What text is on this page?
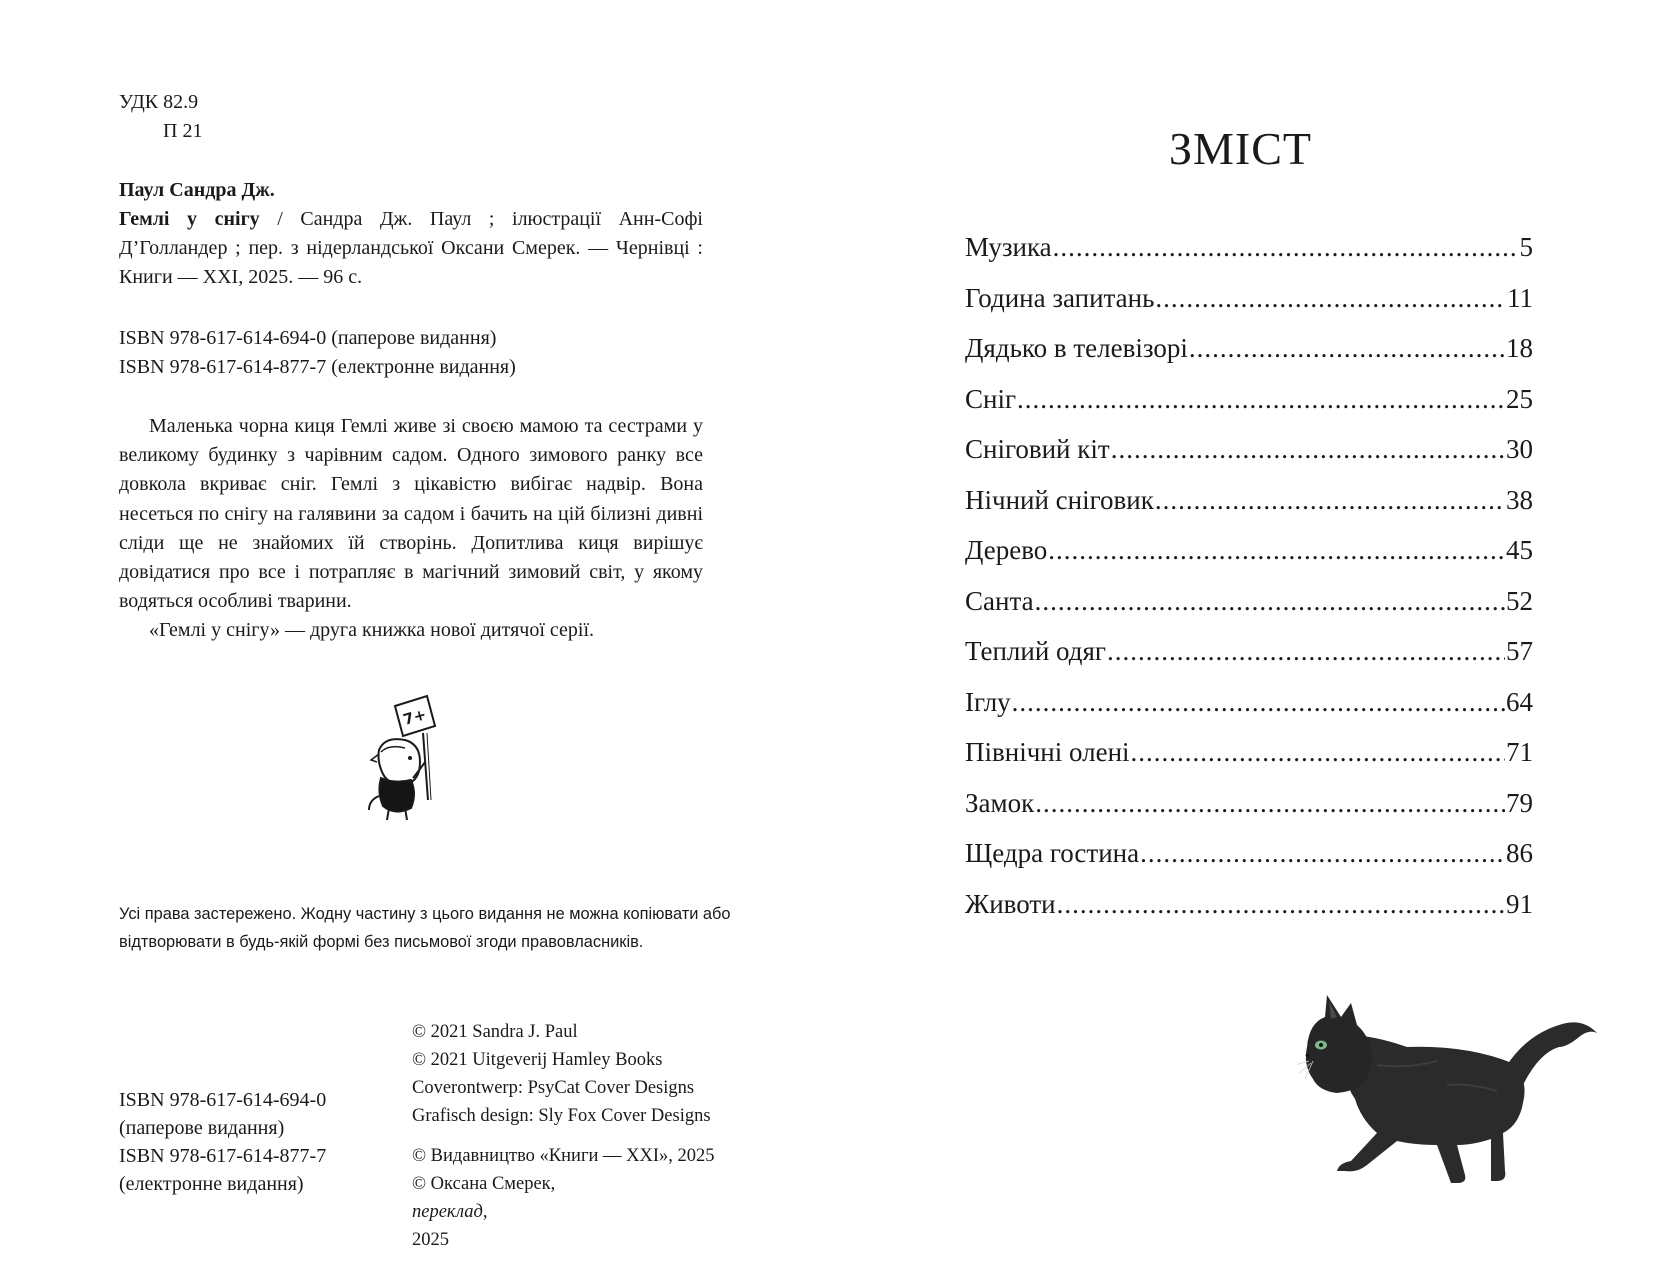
УДК 82.9
П 21
Паул Сандра Дж.
Гемлі у снігу / Сандра Дж. Паул ; ілюстрації Анн-Софі Д’Голландер ; пер. з нідерландської Оксани Смерек. — Чернівці : Книги — XXI, 2025. — 96 с.
ISBN 978-617-614-694-0 (паперове видання)
ISBN 978-617-614-877-7 (електронне видання)

Маленька чорна киця Гемлі живе зі своєю мамою та сестрами у великому будинку з чарівним садом. Одного зимового ранку все довкола вкриває сніг. Гемлі з цікавістю вибігає надвір. Вона несеться по снігу на галявини за садом і бачить на цій білизні дивні сліди ще не знайомих їй створінь. Допитлива киця вирішує довідатися про все і потрапляє в магічний зимовий світ, у якому водяться особливі тварини.

«Гемлі у снігу» — друга книжка нової дитячої серії.

7+
Усі права застережено. Жодну частину з цього видання не можна копіювати або відтворювати в будь-якій формі без письмової згоди правовласників.
ISBN 978-617-614-694-0
(паперове видання)
ISBN 978-617-614-877-7
(електронне видання)
© 2021 Sandra J. Paul
© 2021 Uitgeverij Hamley Books
Coverontwerp: PsyCat Cover Designs
Grafisch design: Sly Fox Cover Designs
© Видавництво «Книги — XXI», 2025
© Оксана Смерек,
переклад,
2025
ЗМІСТ
Музика .....	5
Година запитань .....	11
Дядько в телевізорі .....	18
Сніг .....	25
Сніговий кіт .....	30
Нічний сніговик .....	38
Дерево .....	45
Санта .....	52
Теплий одяг .....	57
Іглу .....	64
Північні олені .....	71
Замок .....	79
Щедра гостина .....	86
Животи .....	91
